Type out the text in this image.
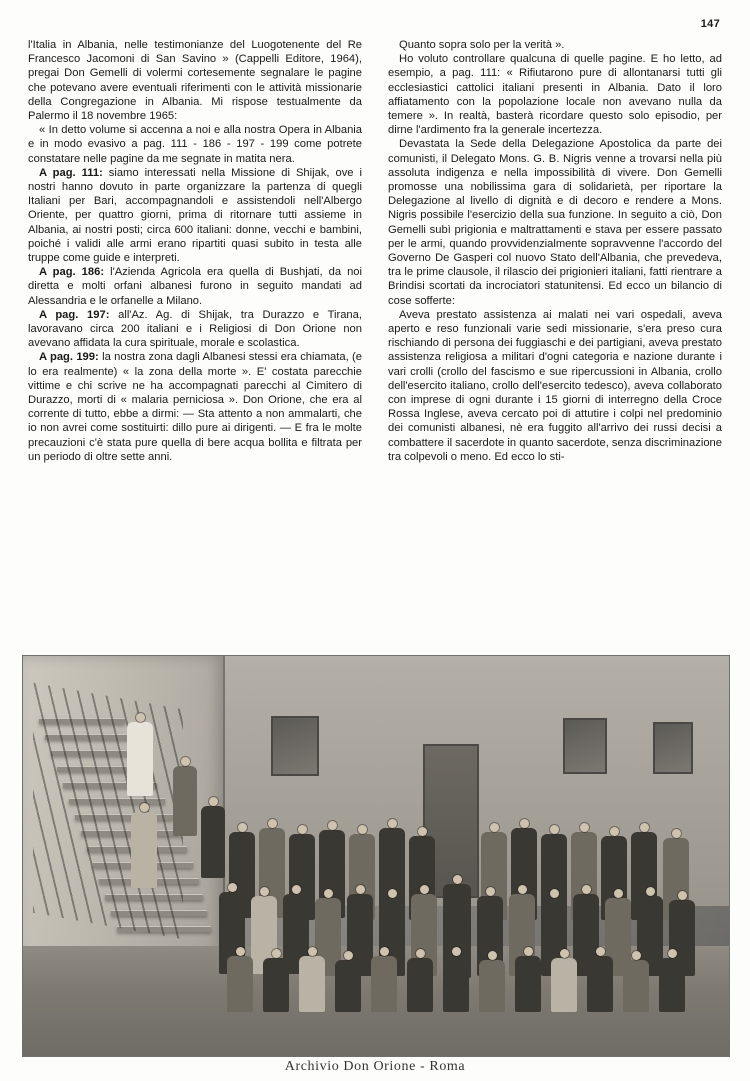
147

l'Italia in Albania, nelle testimonianze del Luogotenente del Re Francesco Jacomoni di San Savino » (Cappelli Editore, 1964), pregai Don Gemelli di volermi cortesemente segnalare le pagine che potevano avere eventuali riferimenti con le attività missionarie della Congregazione in Albania. Mi rispose testualmente da Palermo il 18 novembre 1965:

« In detto volume si accenna a noi e alla nostra Opera in Albania e in modo evasivo a pag. 111 - 186 - 197 - 199 come potrete constatare nelle pagine da me segnate in matita nera.

A pag. 111: siamo interessati nella Missione di Shijak, ove i nostri hanno dovuto in parte organizzare la partenza di quegli Italiani per Bari, accompagnandoli e assistendoli nell'Albergo Oriente, per quattro giorni, prima di ritornare tutti assieme in Albania, ai nostri posti; circa 600 italiani: donne, vecchi e bambini, poiché i validi alle armi erano ripartiti quasi subito in testa alle truppe come guide e interpreti.

A pag. 186: l'Azienda Agricola era quella di Bushjati, da noi diretta e molti orfani albanesi furono in seguito mandati ad Alessandria e le orfanelle a Milano.

A pag. 197: all'Az. Ag. di Shijak, tra Durazzo e Tirana, lavoravano circa 200 italiani e i Religiosi di Don Orione non avevano affidata la cura spirituale, morale e scolastica.

A pag. 199: la nostra zona dagli Albanesi stessi era chiamata, (e lo era realmente) « la zona della morte ». E' costata parecchie vittime e chi scrive ne ha accompagnati parecchi al Cimitero di Durazzo, morti di « malaria perniciosa ». Don Orione, che era al corrente di tutto, ebbe a dirmi: — Sta attento a non ammalarti, che io non avrei come sostituirti: dillo pure ai dirigenti. — E fra le molte precauzioni c'è stata pure quella di bere acqua bollita e filtrata per un periodo di oltre sette anni.

Quanto sopra solo per la verità ».

Ho voluto controllare qualcuna di quelle pagine. E ho letto, ad esempio, a pag. 111: « Rifiutarono pure di allontanarsi tutti gli ecclesiastici cattolici italiani presenti in Albania. Dato il loro affiatamento con la popolazione locale non avevano nulla da temere ». In realtà, basterà ricordare questo solo episodio, per dirne l'ardimento fra la generale incertezza.

Devastata la Sede della Delegazione Apostolica da parte dei comunisti, il Delegato Mons. G. B. Nigris venne a trovarsi nella più assoluta indigenza e nella impossibilità di vivere. Don Gemelli promosse una nobilissima gara di solidarietà, per riportare la Delegazione al livello di dignità e di decoro e rendere a Mons. Nigris possibile l'esercizio della sua funzione. In seguito a ciò, Don Gemelli subì prigionia e maltrattamenti e stava per essere passato per le armi, quando provvidenzialmente sopravvenne l'accordo del Governo De Gasperi col nuovo Stato dell'Albania, che prevedeva, tra le prime clausole, il rilascio dei prigionieri italiani, fatti rientrare a Brindisi scortati da incrociatori statunitensi. Ed ecco un bilancio di cose sofferte:

Aveva prestato assistenza ai malati nei vari ospedali, aveva aperto e reso funzionali varie sedi missionarie, s'era preso cura rischiando di persona dei fuggiaschi e dei partigiani, aveva prestato assistenza religiosa a militari d'ogni categoria e nazione durante i vari crolli (crollo del fascismo e sue ripercussioni in Albania, crollo dell'esercito italiano, crollo dell'esercito tedesco), aveva collaborato con imprese di ogni durante i 15 giorni di interregno della Croce Rossa Inglese, aveva cercato poi di attutire i colpi nel predominio dei comunisti albanesi, nè era fuggito all'arrivo dei russi decisi a combattere il sacerdote in quanto sacerdote, senza discriminazione tra colpevoli o meno. Ed ecco lo sti-

Archivio Don Orione - Roma
